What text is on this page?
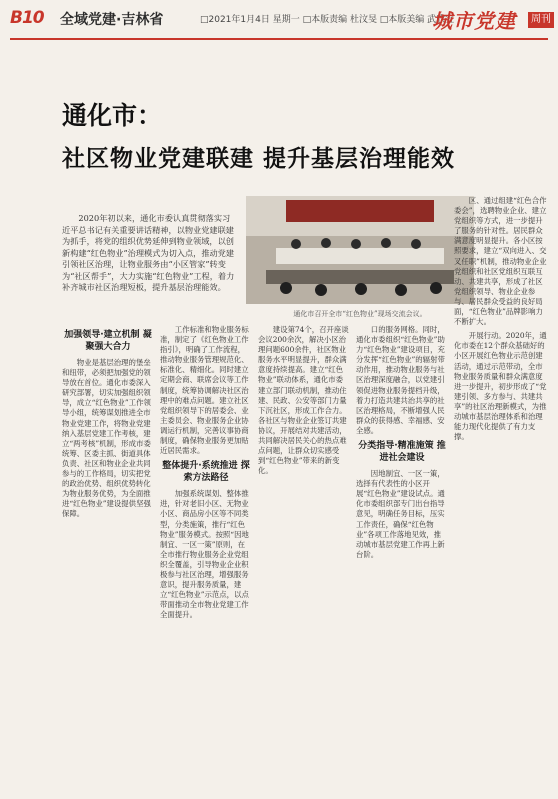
B10 全域党建·吉林省	□2021年1月4日 星期一 □本版责编 杜汶旻 □本版美编 武欣宜
城市党建	周刊
通化市：
社区物业党建联建 提升基层治理能效

2020年初以来，通化市委认真贯彻落实习近平总书记有关重要讲话精神，以物业党建联建为抓手，将党的组织优势延伸到物业领域，以创新构建“红色物业”治理模式为切入点，推动党建引领社区治理，让物业服务由“小区管家”转变为“社区帮手”，大力实施“红色物业”工程，着力补齐城市社区治理短板，提升基层治理能效。

通化市召开全市“红色物业”现场交流会议。
加强领导·建立机制 凝聚强大合力

物业是基层治理的堡垒和纽带，必须把加强党的领导放在首位。通化市委深入研究部署，切实加强组织领导，成立“红色物业”工作领导小组，统筹谋划推进全市物业党建工作，将物业党建纳入基层党建工作考核，建立“两考核”机制，形成市委统筹、区委主抓、街道具体负责、社区和物业企业共同参与的工作格局，切实把党的政治优势、组织优势转化为物业服务优势，为全面推进“红色物业”建设提供坚强保障。

工作标准和物业服务标准，制定了《红色物业工作指引》，明确了工作流程，推动物业服务管理规范化、标准化、精细化。同时建立定期会商、联席会议等工作制度，统筹协调解决社区治理中的难点问题。建立社区党组织领导下的居委会、业主委员会、物业服务企业协调运行机制，完善议事协商制度，确保物业服务更加贴近居民需求。

整体提升·系统推进 探索方法路径

加强系统谋划、整体推进，针对老旧小区、无物业小区、商品房小区等不同类型，分类施策，推行“红色物业”服务模式。按照“因地制宜、一区一策”原则，在全市推行物业服务企业党组织全覆盖，引导物业企业积极参与社区治理，增强服务意识，提升服务质量，建立“红色物业”示范点，以点带面推动全市物业党建工作全面提升。

建设第74个，召开座谈会议200余次，解决小区治理问题600余件，社区物业服务水平明显提升，群众满意度持续提高。建立“红色物业”联动体系，通化市委建立部门联动机制，推动住建、民政、公安等部门力量下沉社区，形成工作合力。各社区与物业企业签订共建协议，开展结对共建活动，共同解决居民关心的热点难点问题，让群众切实感受到“红色物业”带来的新变化。

口的服务网格。同时，通化市委组织“红色物业”助力“红色物业”建设项目，充分发挥“红色物业”的辐射带动作用，推动物业服务与社区治理深度融合，以党建引领促进物业服务提档升级，着力打造共建共治共享的社区治理格局，不断增强人民群众的获得感、幸福感、安全感。

分类指导·精准施策 推进社会建设

因地制宜、一区一策，选择有代表性的小区开展“红色物业”建设试点。通化市委组织部专门出台指导意见，明确任务目标，压实工作责任，确保“红色物业”各项工作落地见效，推动城市基层党建工作再上新台阶。

区、通过组建“红色合作委会”，选聘物业企业、建立党组织等方式，进一步提升了服务的针对性。居民群众满意度明显提升。各小区按照要求，建立“双向进入、交叉任职”机制，推动物业企业党组织和社区党组织互联互动、共建共享，形成了社区党组织领导、物业企业参与、居民群众受益的良好局面，“红色物业”品牌影响力不断扩大。

开展行动。2020年，通化市委在12个群众基础好的小区开展红色物业示范创建活动，通过示范带动，全市物业服务质量和群众满意度进一步提升，初步形成了“党建引领、多方参与、共建共享”的社区治理新模式，为推动城市基层治理体系和治理能力现代化提供了有力支撑。
